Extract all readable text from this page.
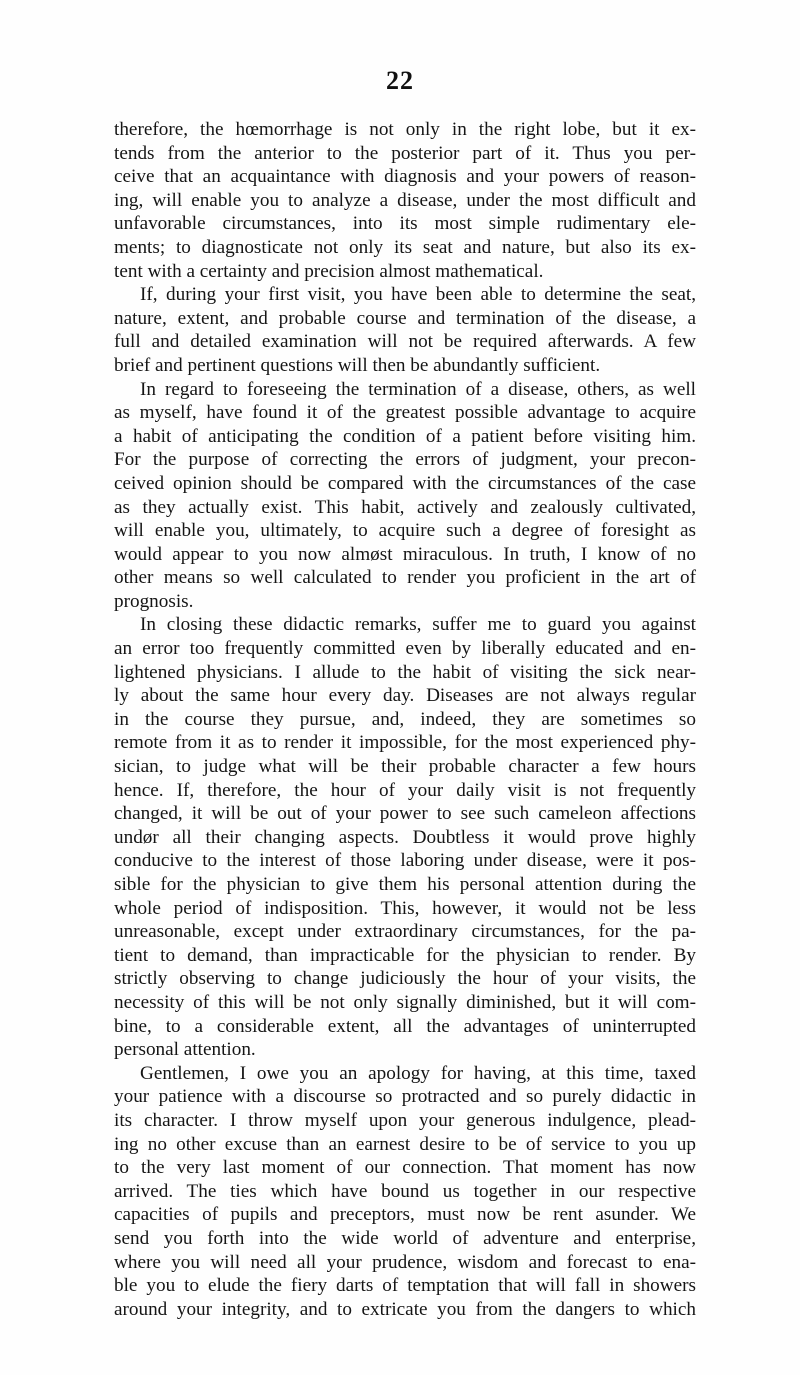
22
therefore, the hœmorrhage is not only in the right lobe, but it ex-
tends from the anterior to the posterior part of it. Thus you per-
ceive that an acquaintance with diagnosis and your powers of reason-
ing, will enable you to analyze a disease, under the most difficult and
unfavorable circumstances, into its most simple rudimentary ele-
ments; to diagnosticate not only its seat and nature, but also its ex-
tent with a certainty and precision almost mathematical.
If, during your first visit, you have been able to determine the seat,
nature, extent, and probable course and termination of the disease, a
full and detailed examination will not be required afterwards. A few
brief and pertinent questions will then be abundantly sufficient.
In regard to foreseeing the termination of a disease, others, as well
as myself, have found it of the greatest possible advantage to acquire
a habit of anticipating the condition of a patient before visiting him.
For the purpose of correcting the errors of judgment, your precon-
ceived opinion should be compared with the circumstances of the case
as they actually exist. This habit, actively and zealously cultivated,
will enable you, ultimately, to acquire such a degree of foresight as
would appear to you now almøst miraculous. In truth, I know of no
other means so well calculated to render you proficient in the art of
prognosis.
In closing these didactic remarks, suffer me to guard you against
an error too frequently committed even by liberally educated and en-
lightened physicians. I allude to the habit of visiting the sick near-
ly about the same hour every day. Diseases are not always regular
in the course they pursue, and, indeed, they are sometimes so
remote from it as to render it impossible, for the most experienced phy-
sician, to judge what will be their probable character a few hours
hence. If, therefore, the hour of your daily visit is not frequently
changed, it will be out of your power to see such cameleon affections
undør all their changing aspects. Doubtless it would prove highly
conducive to the interest of those laboring under disease, were it pos-
sible for the physician to give them his personal attention during the
whole period of indisposition. This, however, it would not be less
unreasonable, except under extraordinary circumstances, for the pa-
tient to demand, than impracticable for the physician to render. By
strictly observing to change judiciously the hour of your visits, the
necessity of this will be not only signally diminished, but it will com-
bine, to a considerable extent, all the advantages of uninterrupted
personal attention.
Gentlemen, I owe you an apology for having, at this time, taxed
your patience with a discourse so protracted and so purely didactic in
its character. I throw myself upon your generous indulgence, plead-
ing no other excuse than an earnest desire to be of service to you up
to the very last moment of our connection. That moment has now
arrived. The ties which have bound us together in our respective
capacities of pupils and preceptors, must now be rent asunder. We
send you forth into the wide world of adventure and enterprise,
where you will need all your prudence, wisdom and forecast to ena-
ble you to elude the fiery darts of temptation that will fall in showers
around your integrity, and to extricate you from the dangers to which
